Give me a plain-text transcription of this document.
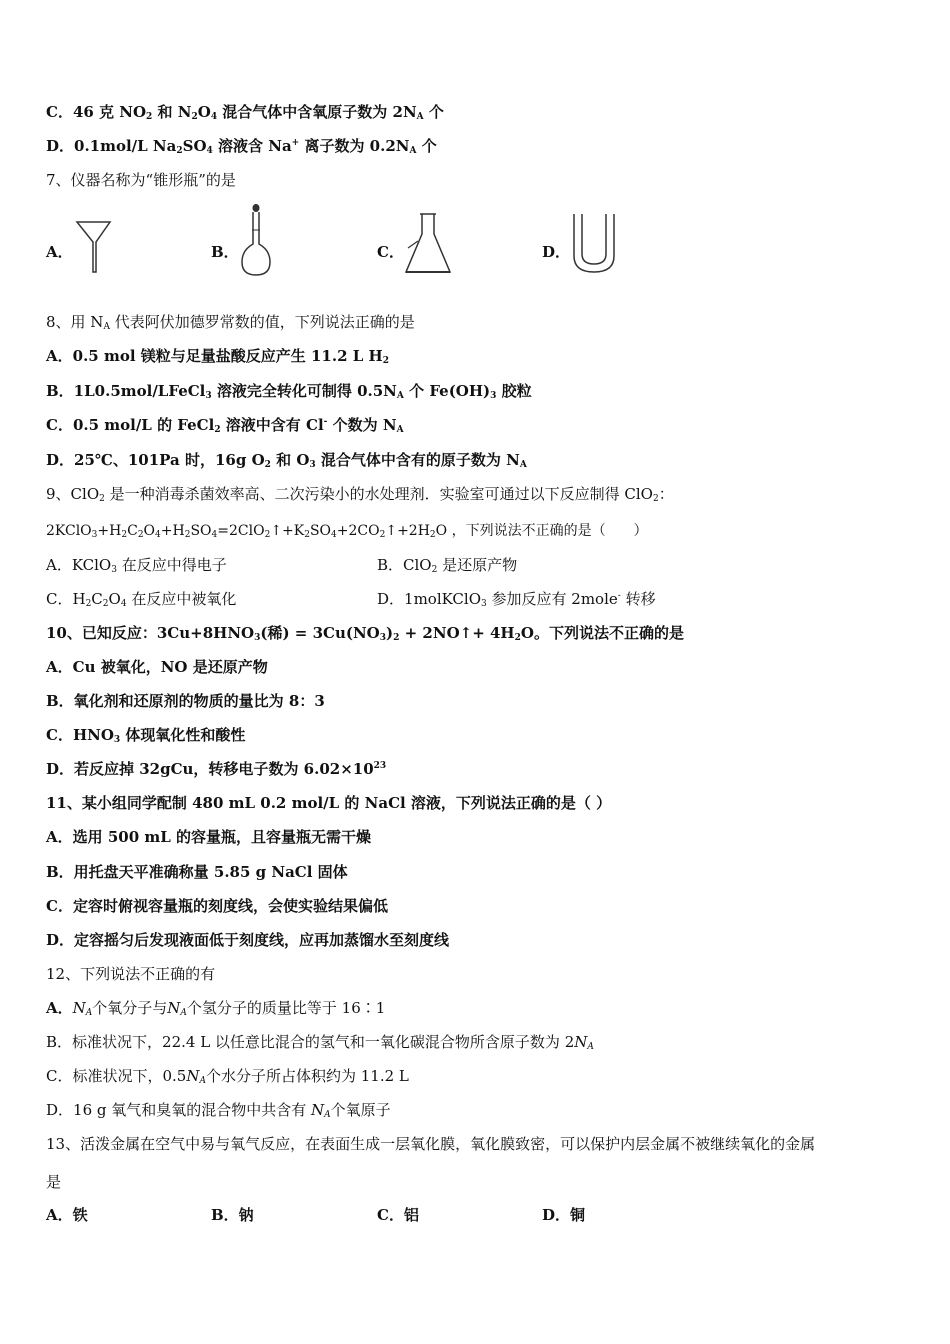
C．46 克 $NO_2$ 和 $N_2O_4$ 混合气体中含氧原子数为 $2N_A$ 个
D．0.1mol/L $Na_2SO_4$ 溶液含 Na+ 离子数为 $0.2N_A$ 个
7、仪器名称为“锥形瓶”的是
A．	B．	C．	D．
8、用 $N_A$ 代表阿伏加德罗常数的值，下列说法正确的是
A．0.5 mol 镁粒与足量盐酸反应产生 11.2 L $H_2$
B．1L0.5mol/LFeCl$_3$ 溶液完全转化可制得 $0.5N_A$ 个 $Fe(OH)_3$ 胶粒
C．0.5 mol/L 的 FeCl$_2$ 溶液中含有 Cl- 个数为 $N_A$
D．25℃、101Pa 时，16g $O_2$ 和 $O_3$ 混合气体中含有的原子数为 $N_A$
9、ClO$_2$ 是一种消毒杀菌效率高、二次污染小的水处理剂．实验室可通过以下反应制得 ClO$_2$：
$2KClO_3+H_2C_2O_4+H_2SO_4=2ClO_2↑+K_2SO_4+2CO_2↑+2H_2O$ ，下列说法不正确的是（　　）
A．KClO$_3$ 在反应中得电子	B．ClO$_2$ 是还原产物
C．$H_2C_2O_4$ 在反应中被氧化	D．1molKClO$_3$ 参加反应有 2mole- 转移
10、已知反应：$3Cu+8HNO_3$(稀) = $3Cu(NO_3)_2$ + 2NO↑+ $4H_2O$。下列说法不正确的是
A．Cu 被氧化，NO 是还原产物
B．氧化剂和还原剂的物质的量比为 8：3
C．$HNO_3$ 体现氧化性和酸性
D．若反应掉 32gCu，转移电子数为 $6.02\times 10^{23}$
11、某小组同学配制 480 mL 0.2 mol/L 的 NaCl 溶液，下列说法正确的是（ ）
A．选用 500 mL 的容量瓶，且容量瓶无需干燥
B．用托盘天平准确称量 5.85 g NaCl 固体
C．定容时俯视容量瓶的刻度线，会使实验结果偏低
D．定容摇匀后发现液面低于刻度线，应再加蒸馏水至刻度线
12、下列说法不正确的有
A．$N_A$个氧分子与$N_A$个氢分子的质量比等于 16∶1
B．标准状况下，22.4 L 以任意比混合的氢气和一氧化碳混合物所含原子数为 $2N_A$
C．标准状况下，$0.5N_A$个水分子所占体积约为 11.2 L
D．16 g 氧气和臭氧的混合物中共含有 $N_A$个氧原子
13、活泼金属在空气中易与氧气反应，在表面生成一层氧化膜，氧化膜致密，可以保护内层金属不被继续氧化的金属
是
A．铁	B．钠	C．铝	D．铜
